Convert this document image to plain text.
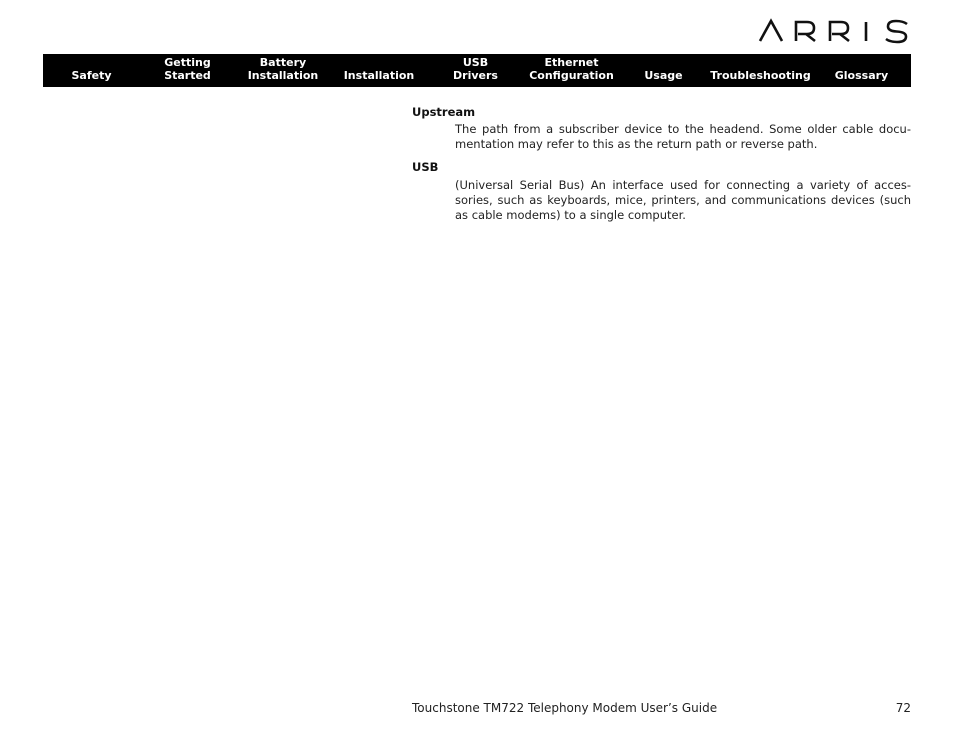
Safety
Getting
Started
Battery
Installation Installation
USB
Drivers
Ethernet
Configuration	Usage	Troubleshooting Glossary
Upstream

The path from a subscriber device to the headend. Some older cable docu-mentation may refer to this as the return path or reverse path.

USB

(Universal Serial Bus) An interface used for connecting a variety of acces-sories, such as keyboards, mice, printers, and communications devices (such as cable modems) to a single computer.

Touchstone TM722 Telephony Modem User’s Guide	72
